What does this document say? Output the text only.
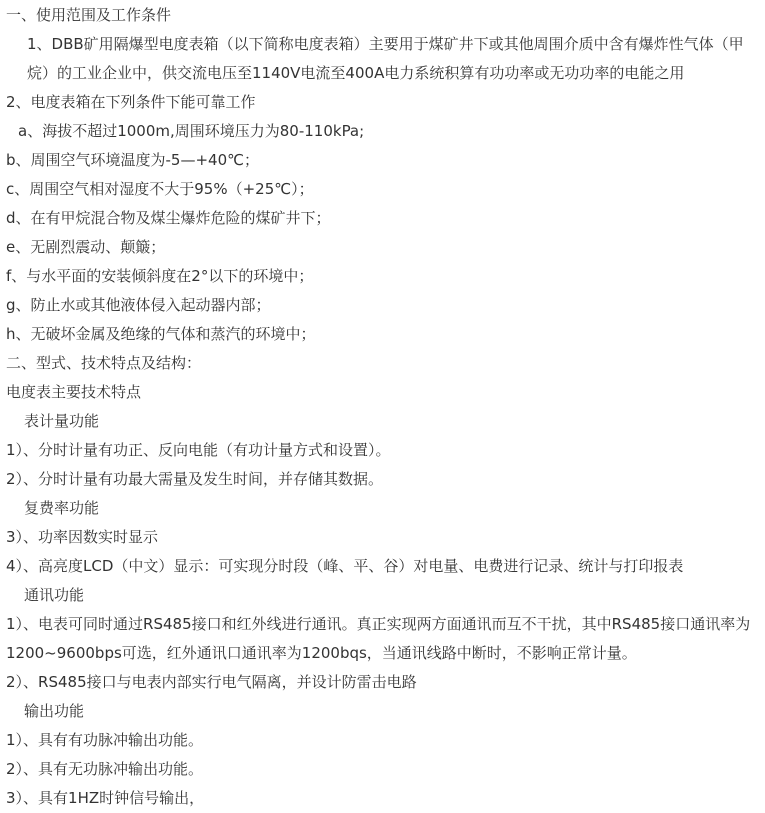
一、使用范围及工作条件

1、DBB矿用隔爆型电度表箱（以下简称电度表箱）主要用于煤矿井下或其他周围介质中含有爆炸性气体（甲烷）的工业企业中，供交流电压至1140V电流至400A电力系统积算有功功率或无功功率的电能之用

2、电度表箱在下列条件下能可靠工作

a、海拔不超过1000m,周围环境压力为80-110kPa;

b、周围空气环境温度为-5—+40℃；

c、周围空气相对湿度不大于95%（+25℃）；

d、在有甲烷混合物及煤尘爆炸危险的煤矿井下；

e、无剧烈震动、颠簸；

f、与水平面的安装倾斜度在2°以下的环境中；

g、防止水或其他液体侵入起动器内部；

h、无破坏金属及绝缘的气体和蒸汽的环境中；

二、型式、技术特点及结构：

电度表主要技术特点

表计量功能

1）、分时计量有功正、反向电能（有功计量方式和设置）。

2）、分时计量有功最大需量及发生时间，并存储其数据。

复费率功能

3）、功率因数实时显示

4）、高亮度LCD（中文）显示：可实现分时段（峰、平、谷）对电量、电费进行记录、统计与打印报表

通讯功能

1）、电表可同时通过RS485接口和红外线进行通讯。真正实现两方面通讯而互不干扰，其中RS485接口通讯率为1200~9600bps可选，红外通讯口通讯率为1200bqs，当通讯线路中断时，不影响正常计量。

2）、RS485接口与电表内部实行电气隔离，并设计防雷击电路

输出功能

1）、具有有功脉冲输出功能。

2）、具有无功脉冲输出功能。

3）、具有1HZ时钟信号输出，
